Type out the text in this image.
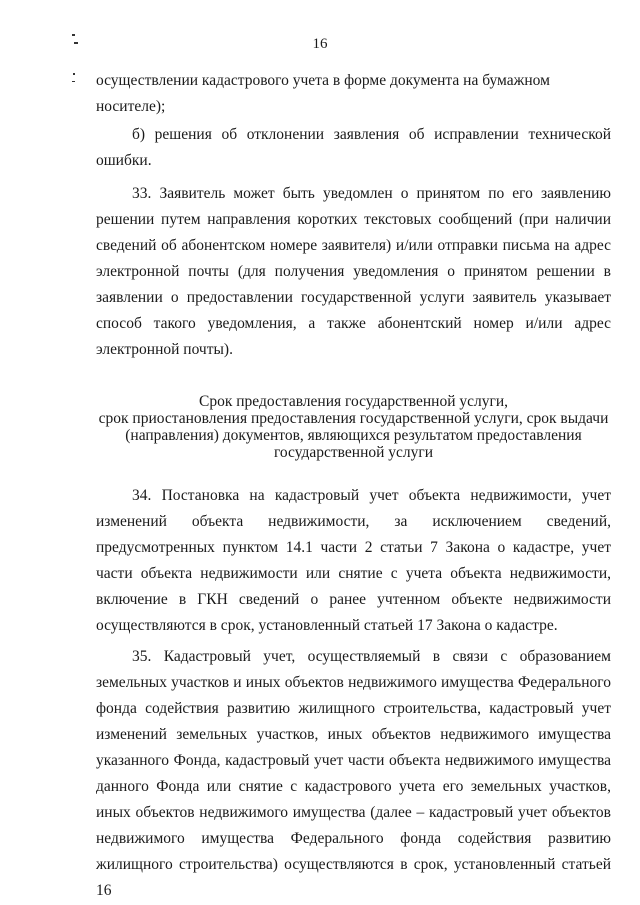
16

осуществлении кадастрового учета в форме документа на бумажном носителе);

б) решения об отклонении заявления об исправлении технической ошибки.

33. Заявитель может быть уведомлен о принятом по его заявлению решении путем направления коротких текстовых сообщений (при наличии сведений об абонентском номере заявителя) и/или отправки письма на адрес электронной почты (для получения уведомления о принятом решении в заявлении о предоставлении государственной услуги заявитель указывает способ такого уведомления, а также абонентский номер и/или адрес электронной почты).

Срок предоставления государственной услуги,
срок приостановления предоставления государственной услуги, срок выдачи
(направления) документов, являющихся результатом предоставления
государственной услуги

34. Постановка на кадастровый учет объекта недвижимости, учет изменений объекта недвижимости, за исключением сведений, предусмотренных пунктом 14.1 части 2 статьи 7 Закона о кадастре, учет части объекта недвижимости или снятие с учета объекта недвижимости, включение в ГКН сведений о ранее учтенном объекте недвижимости осуществляются в срок, установленный статьей 17 Закона о кадастре.

35. Кадастровый учет, осуществляемый в связи с образованием земельных участков и иных объектов недвижимого имущества Федерального фонда содействия развитию жилищного строительства, кадастровый учет изменений земельных участков, иных объектов недвижимого имущества указанного Фонда, кадастровый учет части объекта недвижимого имущества данного Фонда или снятие с кадастрового учета его земельных участков, иных объектов недвижимого имущества (далее – кадастровый учет объектов недвижимого имущества Федерального фонда содействия развитию жилищного строительства) осуществляются в срок, установленный статьей 16
